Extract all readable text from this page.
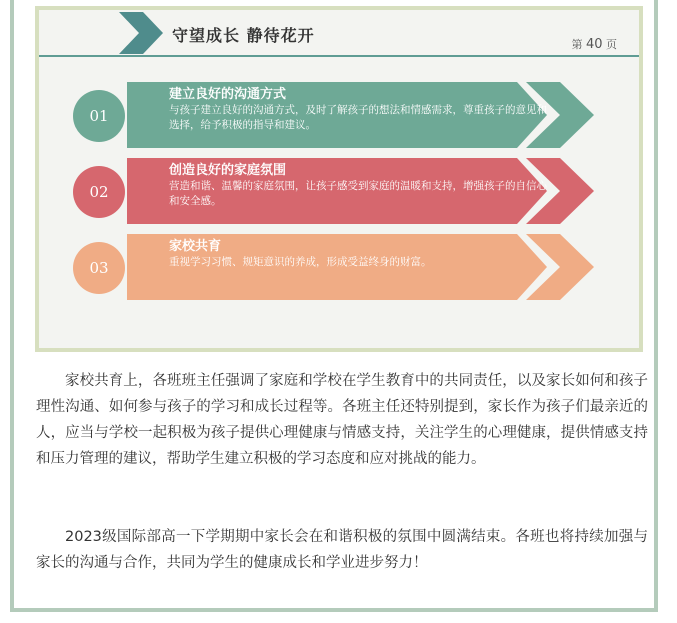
守望成长 静待花开	第 40 页
01
建立良好的沟通方式
与孩子建立良好的沟通方式，及时了解孩子的想法和情感需求，尊重孩子的意见和选择，给予积极的指导和建议。
02
创造良好的家庭氛围
营造和谐、温馨的家庭氛围，让孩子感受到家庭的温暖和支持，增强孩子的自信心和安全感。
03
家校共育
重视学习习惯、规矩意识的养成，形成受益终身的财富。
家校共育上，各班班主任强调了家庭和学校在学生教育中的共同责任，以及家长如何和孩子理性沟通、如何参与孩子的学习和成长过程等。各班主任还特别提到，家长作为孩子们最亲近的人，应当与学校一起积极为孩子提供心理健康与情感支持，关注学生的心理健康，提供情感支持和压力管理的建议，帮助学生建立积极的学习态度和应对挑战的能力。
2023级国际部高一下学期期中家长会在和谐积极的氛围中圆满结束。各班也将持续加强与家长的沟通与合作，共同为学生的健康成长和学业进步努力！
